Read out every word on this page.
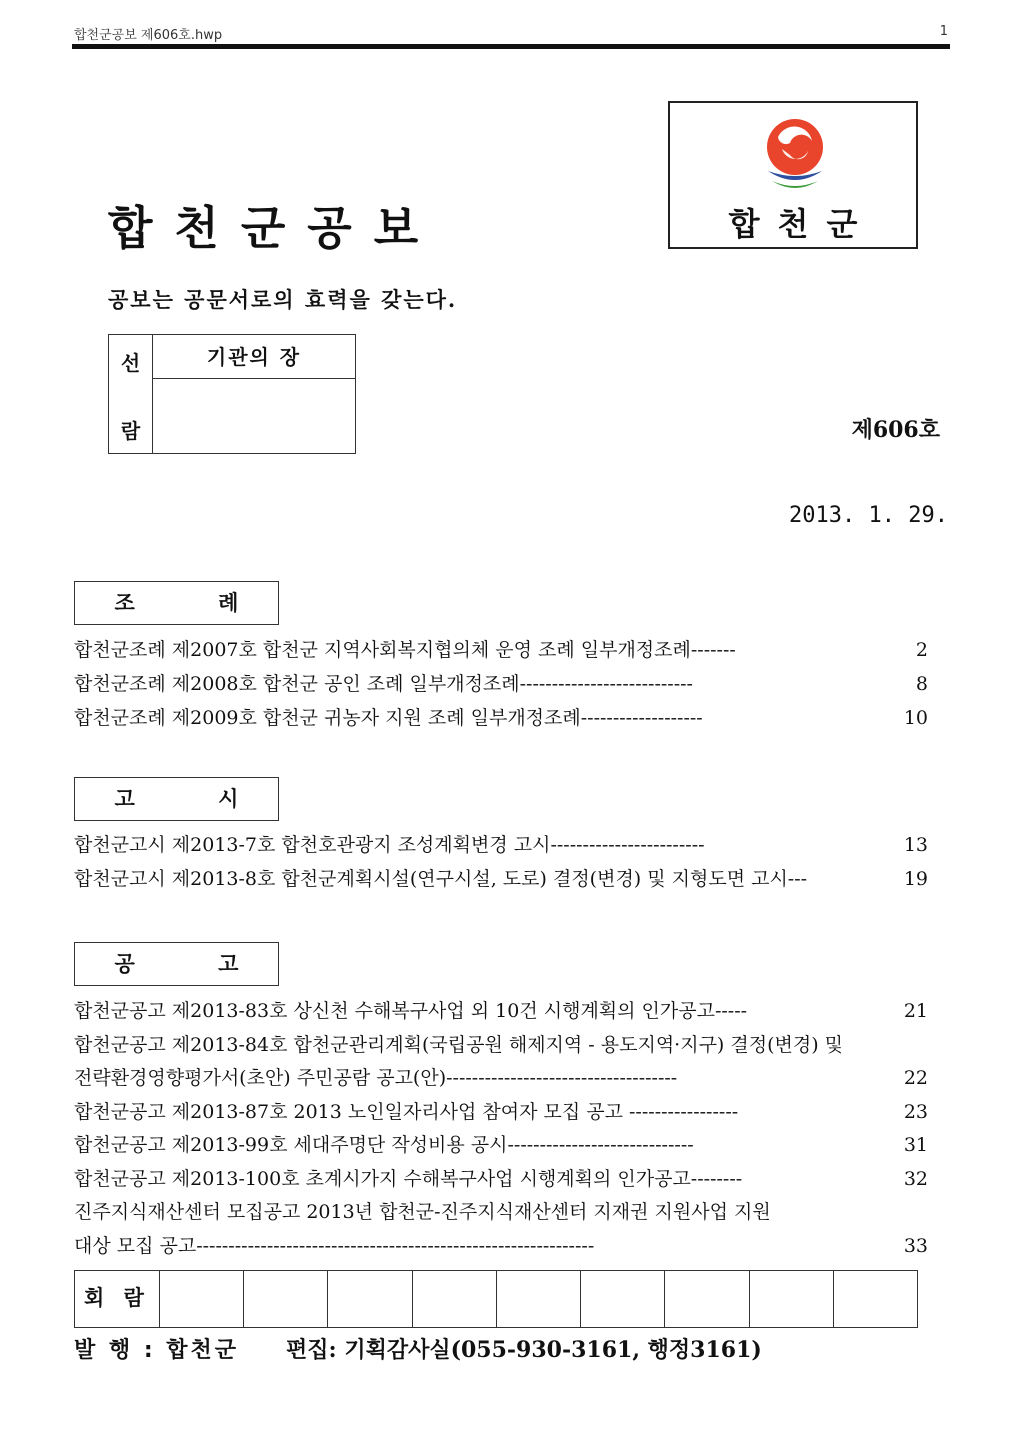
합천군공보 제606호.hwp	1
합천군공보
공보는 공문서로의 효력을 갖는다.
합천군
선
람
기관의 장
제606호
2013. 1. 29.
조 례
합천군조례 제2007호 합천군 지역사회복지협의체 운영 조례 일부개정조례-------	2
합천군조례 제2008호 합천군 공인 조례 일부개정조례---------------------------	8
합천군조례 제2009호 합천군 귀농자 지원 조례 일부개정조례-------------------	10
고 시
합천군고시 제2013-7호 합천호관광지 조성계획변경 고시------------------------	13
합천군고시 제2013-8호 합천군계획시설(연구시설, 도로) 결정(변경) 및 지형도면 고시---	19
공 고
합천군공고 제2013-83호 상신천 수해복구사업 외 10건 시행계획의 인가공고-----	21
합천군공고 제2013-84호 합천군관리계획(국립공원 해제지역 - 용도지역·지구) 결정(변경) 및
전략환경영향평가서(초안) 주민공람 공고(안)------------------------------------	22
합천군공고 제2013-87호 2013 노인일자리사업 참여자 모집 공고 -----------------	23
합천군공고 제2013-99호 세대주명단 작성비용 공시-----------------------------	31
합천군공고 제2013-100호 초계시가지 수해복구사업 시행계획의 인가공고--------	32
진주지식재산센터 모집공고 2013년 합천군-진주지식재산센터 지재권 지원사업 지원
대상 모집 공고--------------------------------------------------------------	33
회 람
발 행 : 합천군 편집: 기획감사실(055-930-3161, 행정3161)
